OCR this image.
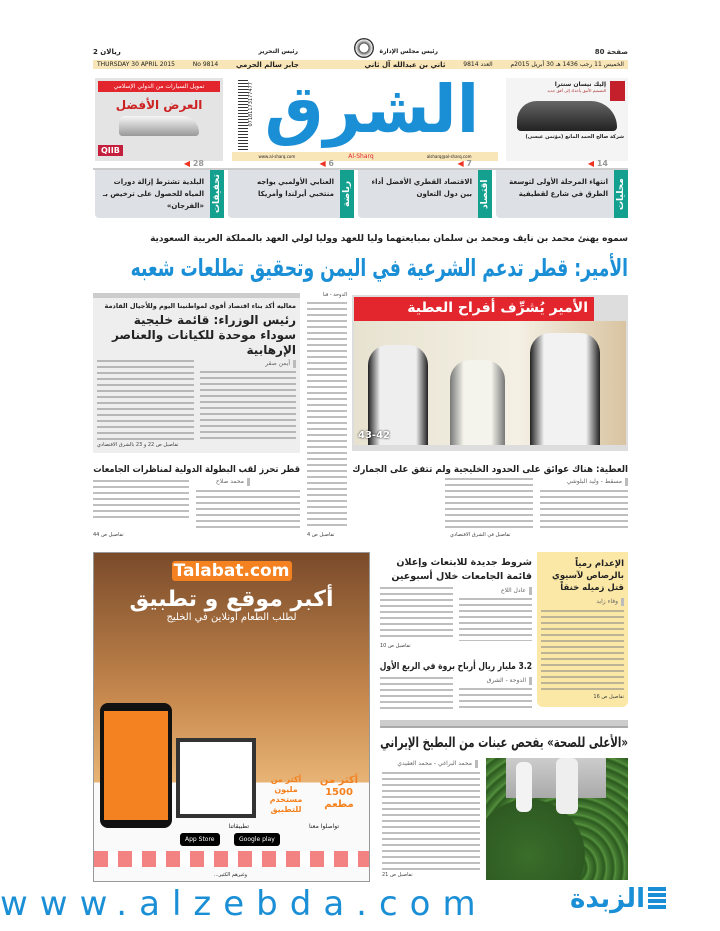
صفحة 80
رئيس مجلس الإدارة
رئيس التحرير
ريالان 2
THURSDAY 30 APRIL 2015	No 9814	جابر سالم الحرمي	ثاني بن عبدالله آل ثاني	العدد 9814	الخميس 11 رجب 1436 هـ 30 أبريل 2015م
تمويل السيارات من الدولي الإسلامي
العرض الأفضل
QIIB
07181173177477 الشرق
www.al-sharq.com	Al-Sharq	alsharq@al-sharq.com
إليك نيسان سنترا
التصميم الأنيق يأخذك إلى أفق جديد
شركة صالح الحمد المانع (مؤتمن عيسى)
محليات
14 ◀
انتهاء المرحلة الأولى لتوسعة الطرق في شارع لقطيفية
اقتصاد
7 ◀
الاقتصاد القطري الأفضل أداء بين دول التعاون
رياضة
6 ◀
العنابي الأولمبي يواجه منتخبي أيرلندا وأمريكا
تحقيقات
28 ◀
البلدية تشترط إزالة دورات المياه للحصول على ترخيص بـ «الفرجان»
سموه يهنئ محمد بن نايف ومحمد بن سلمان بمبايعتهما وليا للعهد ووليا لولي العهد بالمملكة العربية السعودية
الأمير: قطر تدعم الشرعية في اليمن وتحقيق تطلعات شعبه
معاليه أكد بناء اقتصاد أقوى لمواطنينا اليوم وللأجيال القادمة
رئيس الوزراء: قائمة خليجية سوداء موحدة للكيانات والعناصر الإرهابية
أيمن صقر
تفاصيل ص 22 و 23 بالشرق الاقتصادي
قطر تحرز لقب البطولة الدولية لمناظرات الجامعات
محمد صلاح
تفاصيل ص 44
الدوحة - قنا
تفاصيل ص 4
الأمير يُشرِّف أفراح العطية
43-42
العطية: هناك عوائق على الحدود الخليجية ولم تتفق على الجمارك
مسقط - وليد البلوشي
تفاصيل في الشرق الاقتصادي
Talabat.com
أكبر موقع و تطبيق
لطلب الطعام أونلاين في الخليج
أكثر من 1500 مطعم
أكثر من مليون مستخدم للتطبيق
تواصلوا معنا
تطبيقاتنا
App Store	Google play
وغيرهم الكثير...
شروط جديدة للابتعاث وإعلان قائمة الجامعات خلال أسبوعين
عادل اللاع
تفاصيل ص 10
3.2 مليار ريال أرباح بروة في الربع الأول
الدوحة - الشرق
الإعدام رمياً بالرصاص لآسيوي قتل زميله خنقاً
وفاء زايد
تفاصيل ص 16
«الأعلى للصحة» يفحص عينات من البطيخ الإيراني
محمد البراغي - محمد العقيدي
تفاصيل ص 21
www.alzebda.com	الزبدة
